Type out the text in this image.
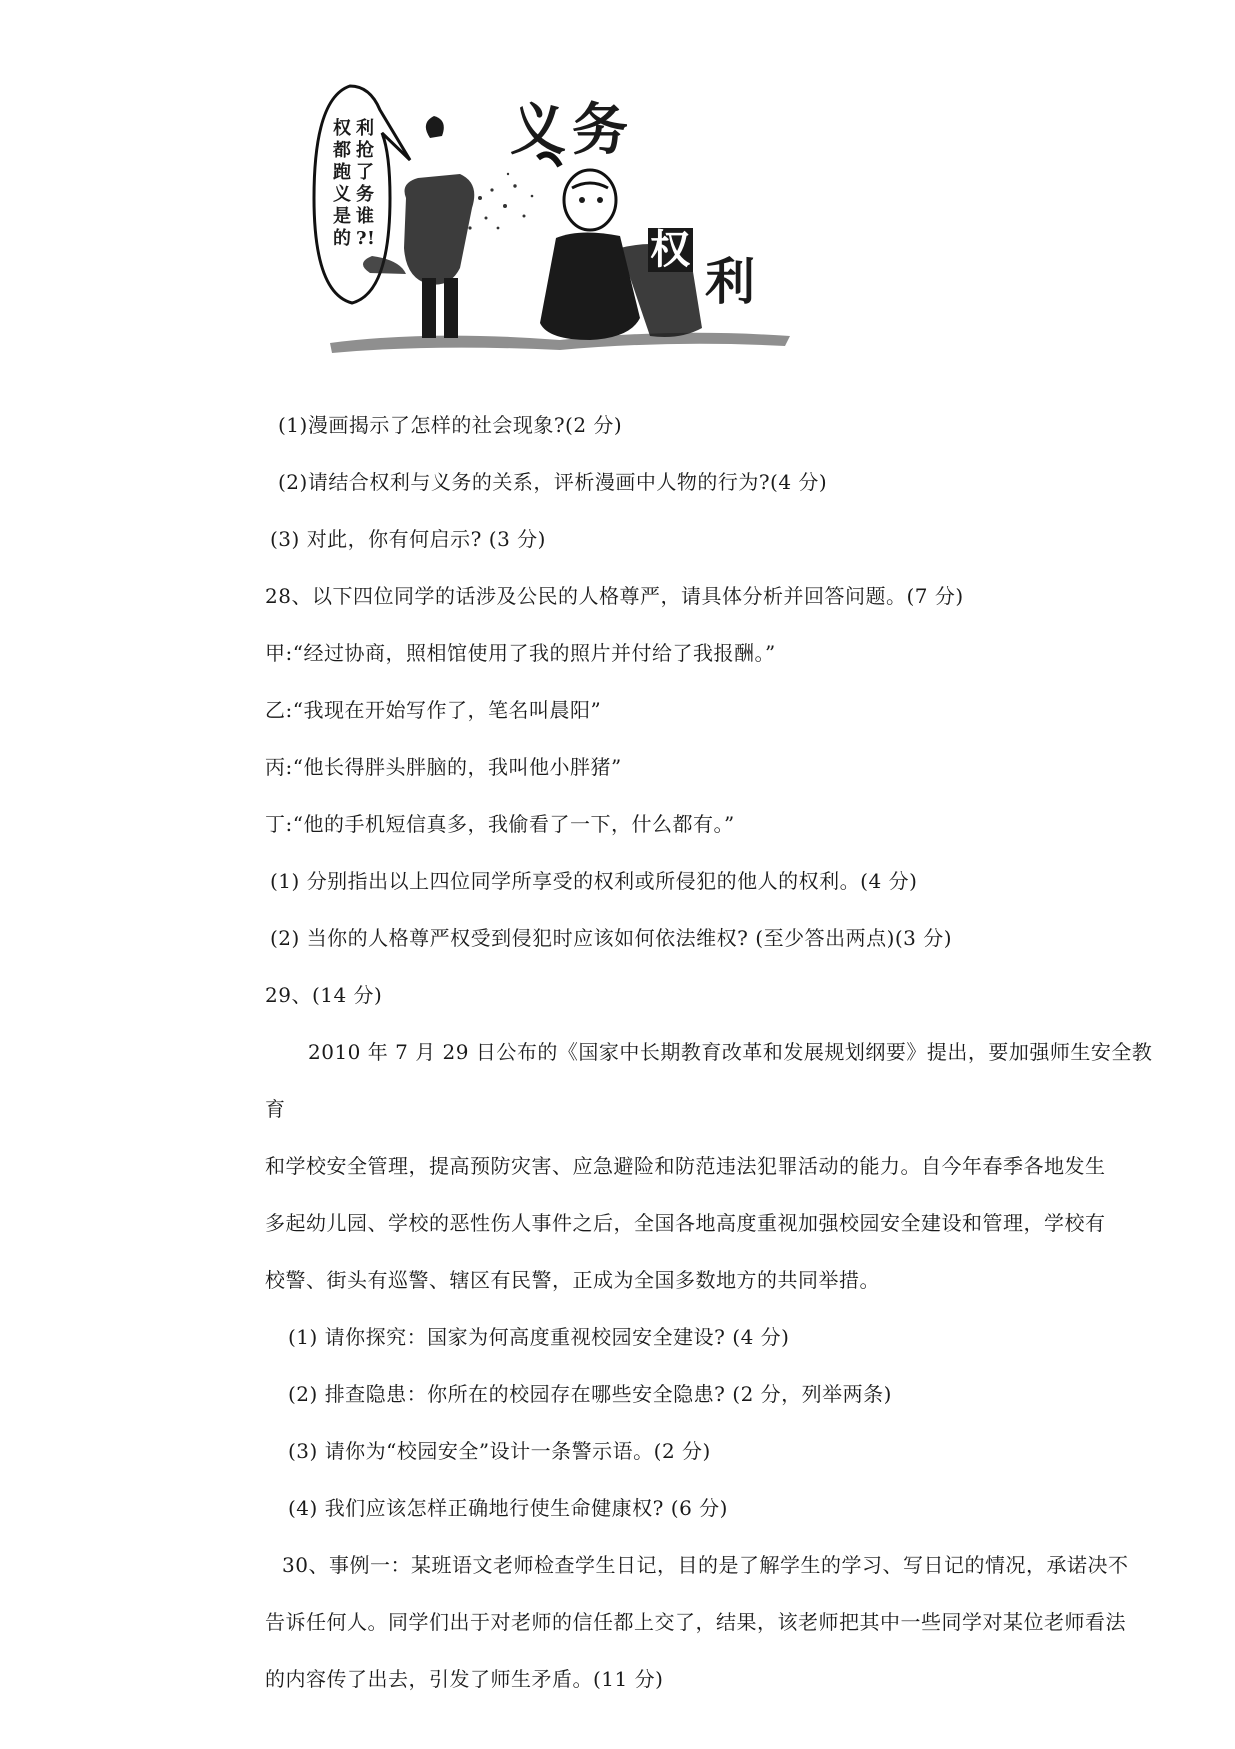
权
都
跑
义
是
的
利
抢
了
务
谁
?!
义务
利
权
(1)漫画揭示了怎样的社会现象?(2 分)
(2)请结合权利与义务的关系，评析漫画中人物的行为?(4 分)
(3) 对此，你有何启示? (3 分)
28、以下四位同学的话涉及公民的人格尊严，请具体分析并回答问题。(7 分)
甲:“经过协商，照相馆使用了我的照片并付给了我报酬。”
乙:“我现在开始写作了，笔名叫晨阳”
丙:“他长得胖头胖脑的，我叫他小胖猪”
丁:“他的手机短信真多，我偷看了一下，什么都有。”
(1) 分别指出以上四位同学所享受的权利或所侵犯的他人的权利。(4 分)
(2) 当你的人格尊严权受到侵犯时应该如何依法维权? (至少答出两点)(3 分)
29、(14 分)
2010 年 7 月 29 日公布的《国家中长期教育改革和发展规划纲要》提出，要加强师生安全教
育
和学校安全管理，提高预防灾害、应急避险和防范违法犯罪活动的能力。自今年春季各地发生
多起幼儿园、学校的恶性伤人事件之后，全国各地高度重视加强校园安全建设和管理，学校有
校警、街头有巡警、辖区有民警，正成为全国多数地方的共同举措。
(1) 请你探究：国家为何高度重视校园安全建设? (4 分)
(2) 排查隐患：你所在的校园存在哪些安全隐患? (2 分，列举两条)
(3) 请你为“校园安全”设计一条警示语。(2 分)
(4) 我们应该怎样正确地行使生命健康权? (6 分)
30、事例一：某班语文老师检查学生日记，目的是了解学生的学习、写日记的情况，承诺决不
告诉任何人。同学们出于对老师的信任都上交了，结果，该老师把其中一些同学对某位老师看法
的内容传了出去，引发了师生矛盾。(11 分)
